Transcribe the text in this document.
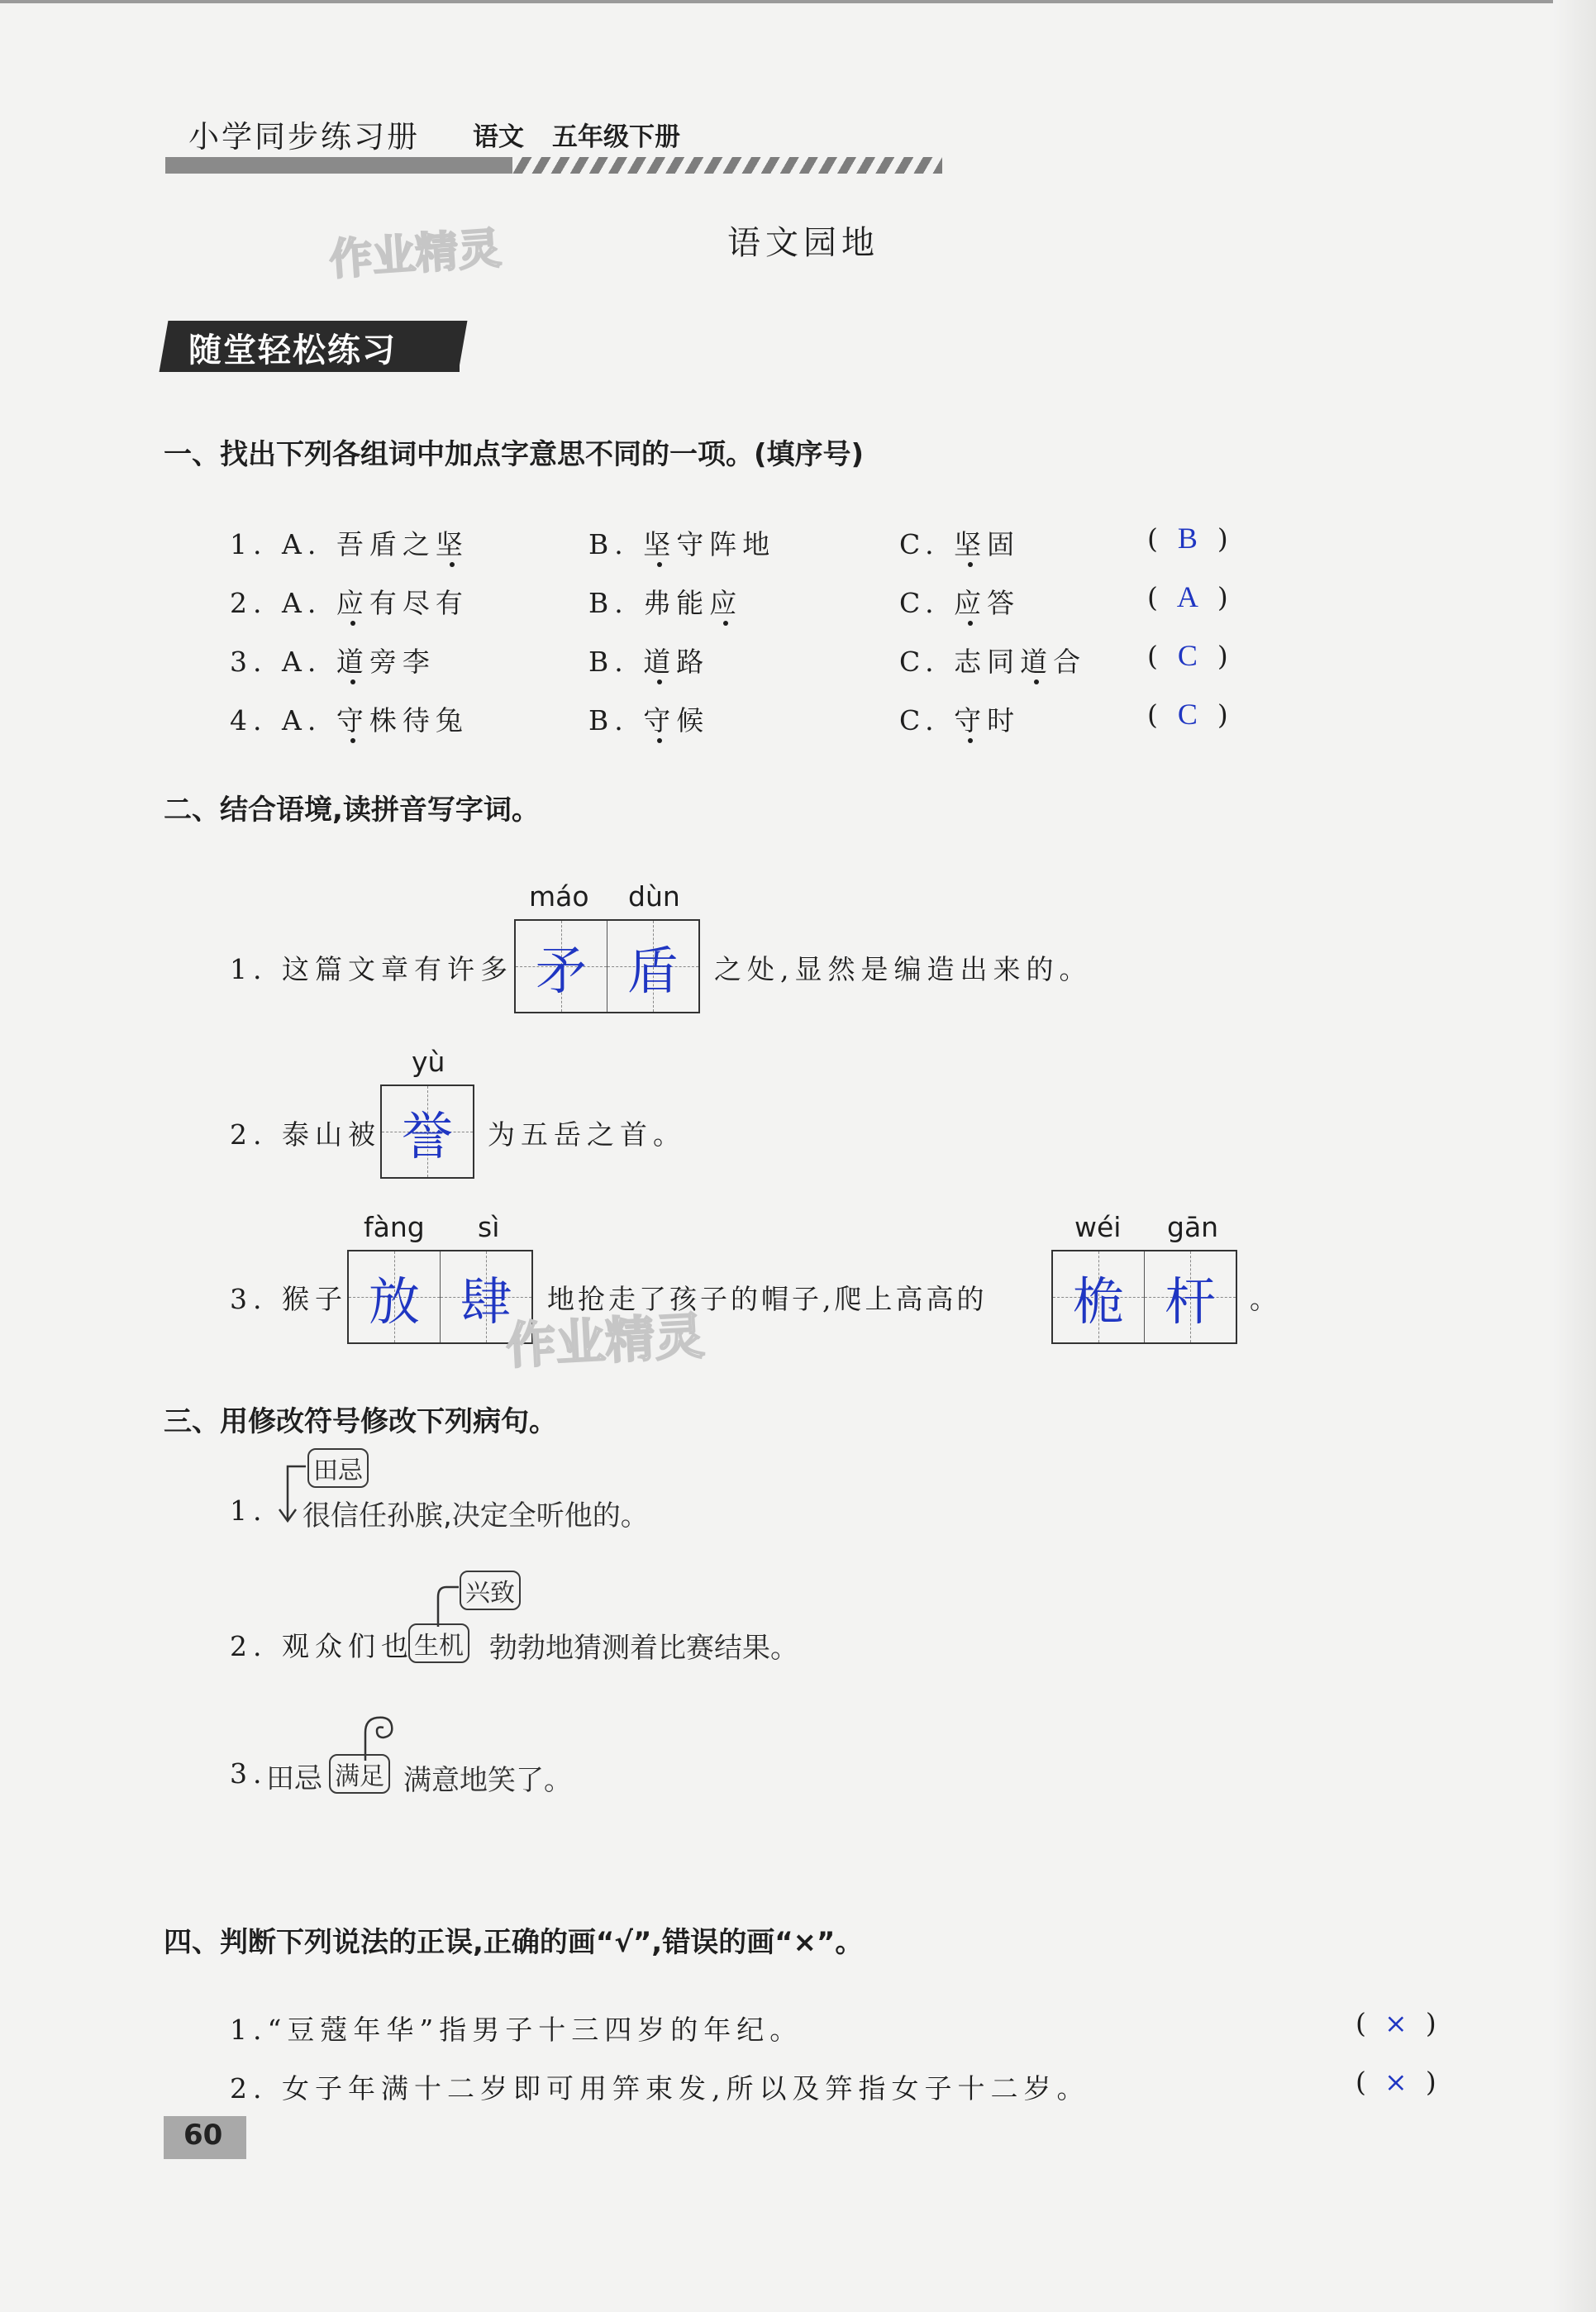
小学同步练习册 语文 五年级下册
作业精灵	语文园地
随堂轻松练习
一、找出下列各组词中加点字意思不同的一项。(填序号)
1. A. 吾盾之坚	B. 坚守阵地	C. 坚固	( B )
2. A. 应有尽有	B. 弗能应	C. 应答	( A )
3. A. 道旁李	B. 道路	C. 志同道合 ( C )
4. A. 守株待兔	B. 守候	C. 守时	( C )
二、结合语境,读拼音写字词。
máo dùn
1. 这篇文章有许多 矛 盾 之处,显然是编造出来的。
yù
2. 泰山被 誉 为五岳之首。
fàng sì
3. 猴子 放 肆 地抢走了孩子的帽子,爬上高高的
wéi gān
桅 杆 。
作业精灵
三、用修改符号修改下列病句。
1.
田忌
很信任孙膑,决定全听他的。
2. 观众们也
兴致
生机 勃勃地猜测着比赛结果。
3.
田忌 满足 满意地笑了。
四、判断下列说法的正误,正确的画“√”,错误的画“×”。
1.“豆蔻年华”指男子十三四岁的年纪。	( × )
2. 女子年满十二岁即可用笄束发,所以及笄指女子十二岁。	( × )
60
